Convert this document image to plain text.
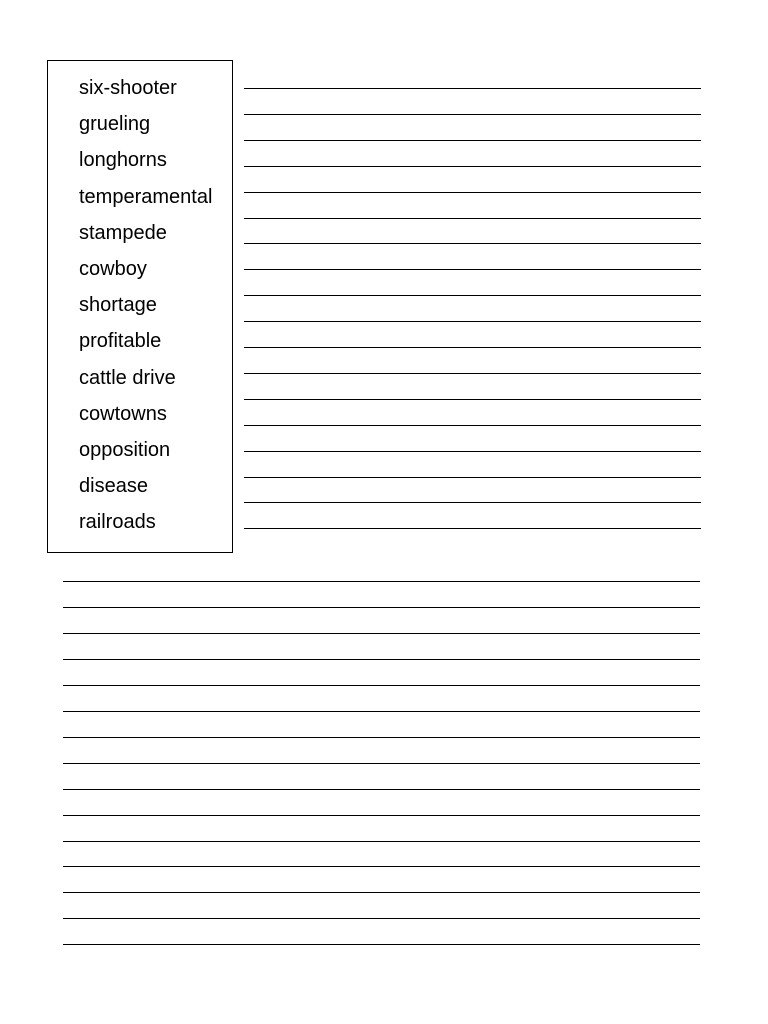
six-shooter
grueling
longhorns
temperamental
stampede
cowboy
shortage
profitable
cattle drive
cowtowns
opposition
disease
railroads
